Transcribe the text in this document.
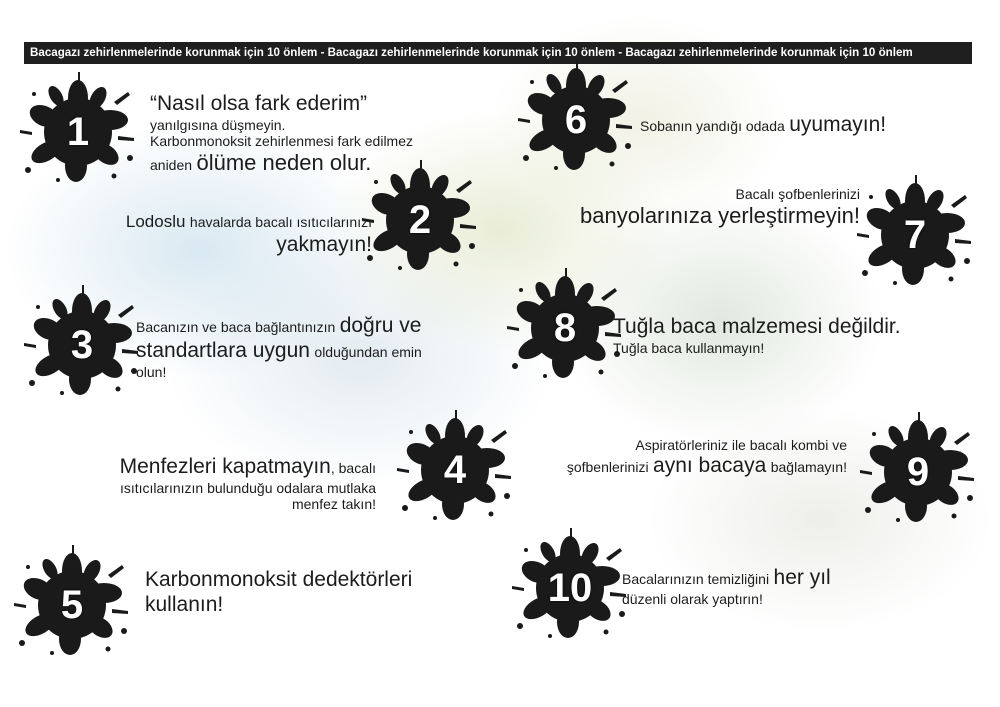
Bacagazı zehirlenmelerinde korunmak için 10 önlem - Bacagazı zehirlenmelerinde korunmak için 10 önlem - Bacagazı zehirlenmelerinde korunmak için 10 önlem
1
2
3
4
5
6
7
8
9
10
“Nasıl olsa fark ederim”
yanılgısına düşmeyin.
Karbonmonoksit zehirlenmesi fark edilmez
aniden ölüme neden olur.
Lodoslu havalarda bacalı ısıtıcılarınızı
yakmayın!
Bacanızın ve baca bağlantınızın doğru ve
standartlara uygun olduğundan emin
olun!
Menfezleri kapatmayın, bacalı
ısıtıcılarınızın bulunduğu odalara mutlaka
menfez takın!
Karbonmonoksit dedektörleri
kullanın!
Sobanın yandığı odada uyumayın!
Bacalı şofbenlerinizi
banyolarınıza yerleştirmeyin!
Tuğla baca malzemesi değildir.
Tuğla baca kullanmayın!
Aspiratörleriniz ile bacalı kombi ve
şofbenlerinizi aynı bacaya bağlamayın!
Bacalarınızın temizliğini her yıl
düzenli olarak yaptırın!
